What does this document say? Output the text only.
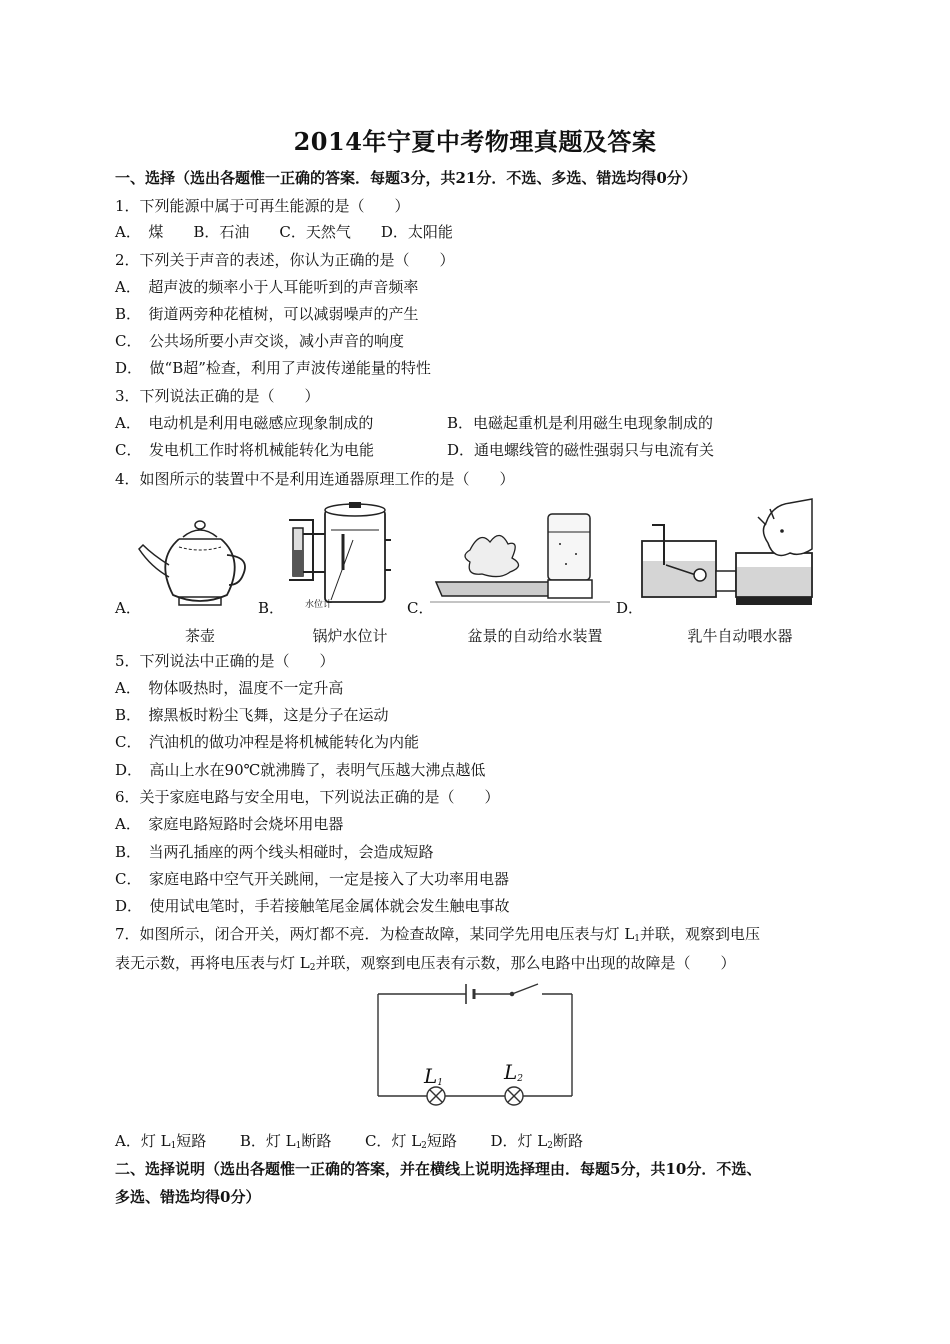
2014年宁夏中考物理真题及答案
一、选择（选出各题惟一正确的答案．每题3分，共21分．不选、多选、错选均得0分）
1．下列能源中属于可再生能源的是（　　）
A．　煤　　B．石油　　C．天然气　　D．太阳能
2．下列关于声音的表述，你认为正确的是（　　）
A．　超声波的频率小于人耳能听到的声音频率
B．　街道两旁种花植树，可以减弱噪声的产生
C．　公共场所要小声交谈，减小声音的响度
D．　做“B超”检查，利用了声波传递能量的特性
3．下列说法正确的是（　　）
A．　电动机是利用电磁感应现象制成的	B．电磁起重机是利用磁生电现象制成的
C．　发电机工作时将机械能转化为电能	D．通电螺线管的磁性强弱只与电流有关
4．如图所示的装置中不是利用连通器原理工作的是（　　）
A．
茶壶
水位计
B．
锅炉水位计
C．
盆景的自动给水装置
D．
乳牛自动喂水器
5．下列说法中正确的是（　　）
A．　物体吸热时，温度不一定升高
B．　擦黑板时粉尘飞舞，这是分子在运动
C．　汽油机的做功冲程是将机械能转化为内能
D．　高山上水在90℃就沸腾了，表明气压越大沸点越低
6．关于家庭电路与安全用电，下列说法正确的是（　　）
A．　家庭电路短路时会烧坏用电器
B．　当两孔插座的两个线头相碰时，会造成短路
C．　家庭电路中空气开关跳闸，一定是接入了大功率用电器
D．　使用试电笔时，手若接触笔尾金属体就会发生触电事故
7．如图所示，闭合开关，两灯都不亮．为检查故障，某同学先用电压表与灯 $L_1$并联，观察到电压
表无示数，再将电压表与灯 $L_2$并联，观察到电压表有示数，那么电路中出现的故障是（　　）
$L_1$	$L_2$
A．灯 $L_1$短路 B．灯 $L_1$断路 C．灯 $L_2$短路 D．灯 $L_2$断路
二、选择说明（选出各题惟一正确的答案，并在横线上说明选择理由．每题5分，共10分．不选、
多选、错选均得0分）
